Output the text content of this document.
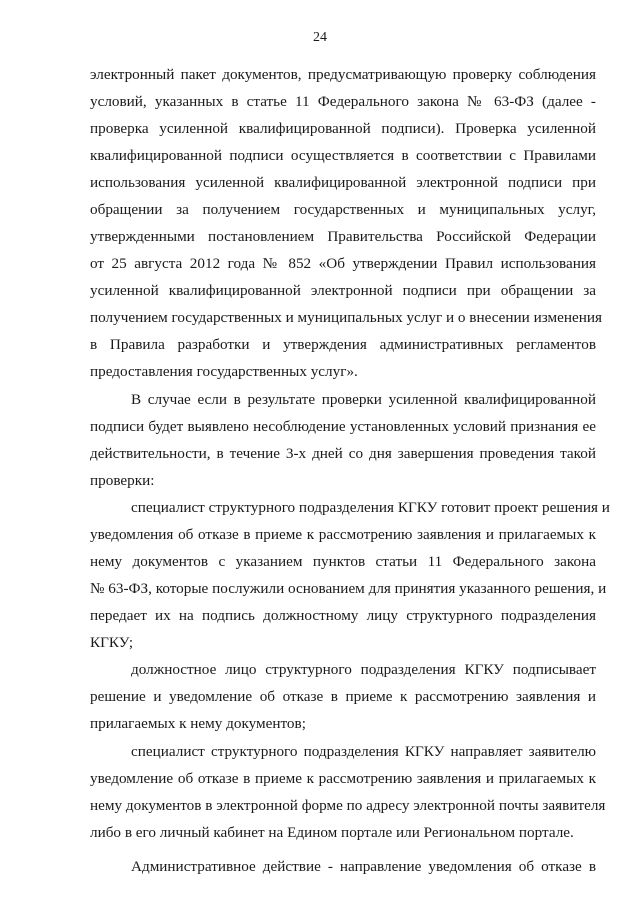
24
электронный пакет документов, предусматривающую проверку соблюдения
условий, указанных в статье 11 Федерального закона № 63-ФЗ (далее -
проверка усиленной квалифицированной подписи). Проверка усиленной
квалифицированной подписи осуществляется в соответствии с Правилами
использования усиленной квалифицированной электронной подписи при
обращении за получением государственных и муниципальных услуг,
утвержденными постановлением Правительства Российской Федерации
от 25 августа 2012 года № 852 «Об утверждении Правил использования
усиленной квалифицированной электронной подписи при обращении за
получением государственных и муниципальных услуг и о внесении изменения
в Правила разработки и утверждения административных регламентов
предоставления государственных услуг».
В случае если в результате проверки усиленной квалифицированной
подписи будет выявлено несоблюдение установленных условий признания ее
действительности, в течение 3-х дней со дня завершения проведения такой
проверки:
специалист структурного подразделения КГКУ готовит проект решения и
уведомления об отказе в приеме к рассмотрению заявления и прилагаемых к
нему документов с указанием пунктов статьи 11 Федерального закона
№ 63-ФЗ, которые послужили основанием для принятия указанного решения, и
передает их на подпись должностному лицу структурного подразделения
КГКУ;
должностное лицо структурного подразделения КГКУ подписывает
решение и уведомление об отказе в приеме к рассмотрению заявления и
прилагаемых к нему документов;
специалист структурного подразделения КГКУ направляет заявителю
уведомление об отказе в приеме к рассмотрению заявления и прилагаемых к
нему документов в электронной форме по адресу электронной почты заявителя
либо в его личный кабинет на Едином портале или Региональном портале.
Административное действие - направление уведомления об отказе в
